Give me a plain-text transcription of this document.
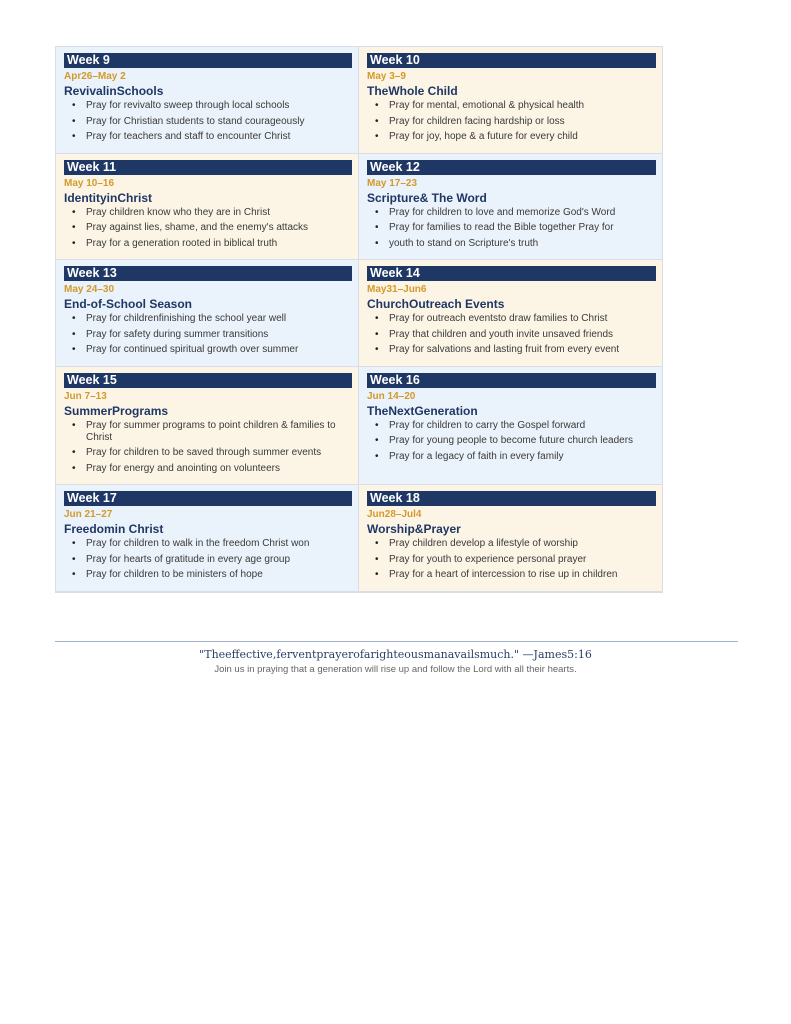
Week 9
Apr26–May 2
RevivalinSchools
• Pray for revivalto sweep through local schools
• Pray for Christian students to stand courageously
• Pray for teachers and staff to encounter Christ
Week 10
May 3–9
TheWhole Child
• Pray for mental, emotional & physical health
• Pray for children facing hardship or loss
• Pray for joy, hope & a future for every child
Week 11
May 10–16
IdentityinChrist
• Pray children know who they are in Christ
• Pray against lies, shame, and the enemy's attacks
• Pray for a generation rooted in biblical truth
Week 12
May 17–23
Scripture& The Word
• Pray for children to love and memorize God's Word
• Pray for families to read the Bible together Pray for
• youth to stand on Scripture's truth
Week 13
May 24–30
End-of-School Season
• Pray for childrenfinishing the school year well
• Pray for safety during summer transitions
• Pray for continued spiritual growth over summer
Week 14
May31–Jun6
ChurchOutreach Events
• Pray for outreach eventsto draw families to Christ
• Pray that children and youth invite unsaved friends
• Pray for salvations and lasting fruit from every event
Week 15
Jun 7–13
SummerPrograms
• Pray for summer programs to point children & families to Christ
• Pray for children to be saved through summer events
• Pray for energy and anointing on volunteers
Week 16
Jun 14–20
TheNextGeneration
• Pray for children to carry the Gospel forward
• Pray for young people to become future church leaders
• Pray for a legacy of faith in every family
Week 17
Jun 21–27
Freedomin Christ
• Pray for children to walk in the freedom Christ won
• Pray for hearts of gratitude in every age group
• Pray for children to be ministers of hope
Week 18
Jun28–Jul4
Worship&Prayer
• Pray children develop a lifestyle of worship
• Pray for youth to experience personal prayer
• Pray for a heart of intercession to rise up in children
"Theeffective,ferventprayerofarighteousmanavailsmuch." —James5:16
Join us in praying that a generation will rise up and follow the Lord with all their hearts.
